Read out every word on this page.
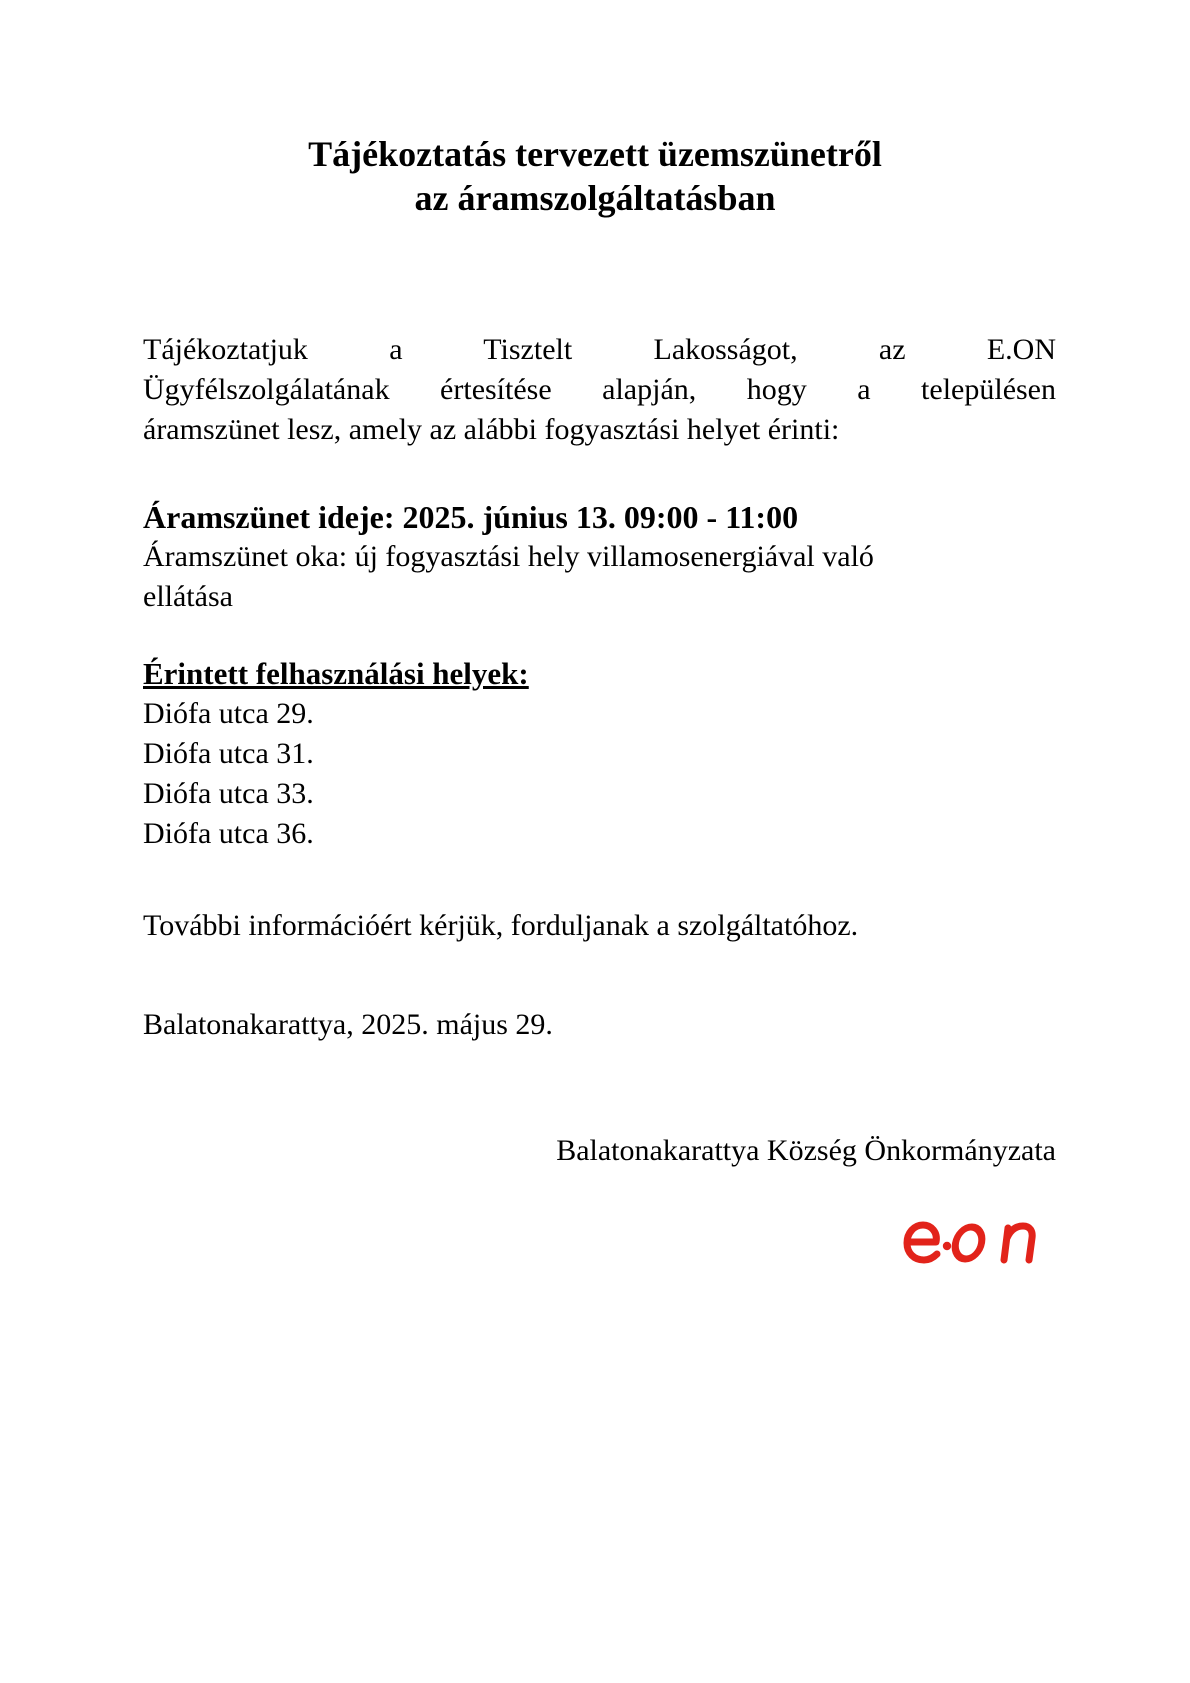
Tájékoztatás tervezett üzemszünetről
az áramszolgáltatásban
Tájékoztatjuk a Tisztelt Lakosságot, az E.ON
Ügyfélszolgálatának értesítése alapján, hogy a településen
áramszünet lesz, amely az alábbi fogyasztási helyet érinti:
Áramszünet ideje: 2025. június 13. 09:00 - 11:00
Áramszünet oka: új fogyasztási hely villamosenergiával való
ellátása
Érintett felhasználási helyek:
Diófa utca 29.
Diófa utca 31.
Diófa utca 33.
Diófa utca 36.
További információért kérjük, forduljanak a szolgáltatóhoz.
Balatonakarattya, 2025. május 29.
Balatonakarattya Község Önkormányzata
